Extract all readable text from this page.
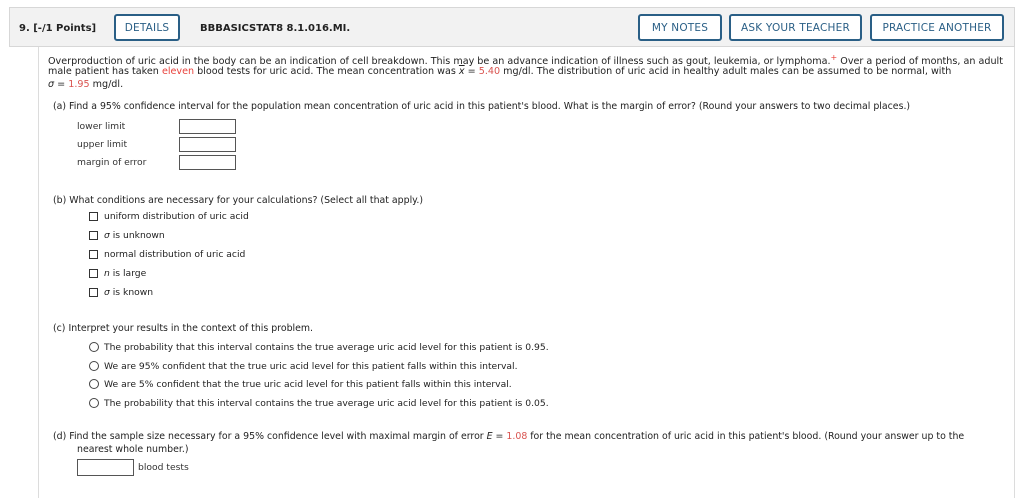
9. [-/1 Points]	DETAILS	BBBASICSTAT8 8.1.016.MI.	MY NOTES	ASK YOUR TEACHER	PRACTICE ANOTHER
Overproduction of uric acid in the body can be an indication of cell breakdown. This may be an advance indication of illness such as gout, leukemia, or lymphoma.+ Over a period of months, an adult
male patient has taken eleven blood tests for uric acid. The mean concentration was $\overline{x} = 5.40$ mg/dl. The distribution of uric acid in healthy adult males can be assumed to be normal, with
σ = 1.95 mg/dl.
(a) Find a 95% confidence interval for the population mean concentration of uric acid in this patient's blood. What is the margin of error? (Round your answers to two decimal places.)
lower limit
upper limit
margin of error
(b) What conditions are necessary for your calculations? (Select all that apply.)
uniform distribution of uric acid
σ is unknown
normal distribution of uric acid
n is large
σ is known
(c) Interpret your results in the context of this problem.
The probability that this interval contains the true average uric acid level for this patient is 0.95.
We are 95% confident that the true uric acid level for this patient falls within this interval.
We are 5% confident that the true uric acid level for this patient falls within this interval.
The probability that this interval contains the true average uric acid level for this patient is 0.05.
(d) Find the sample size necessary for a 95% confidence level with maximal margin of error E = 1.08 for the mean concentration of uric acid in this patient's blood. (Round your answer up to the
nearest whole number.)
blood tests
